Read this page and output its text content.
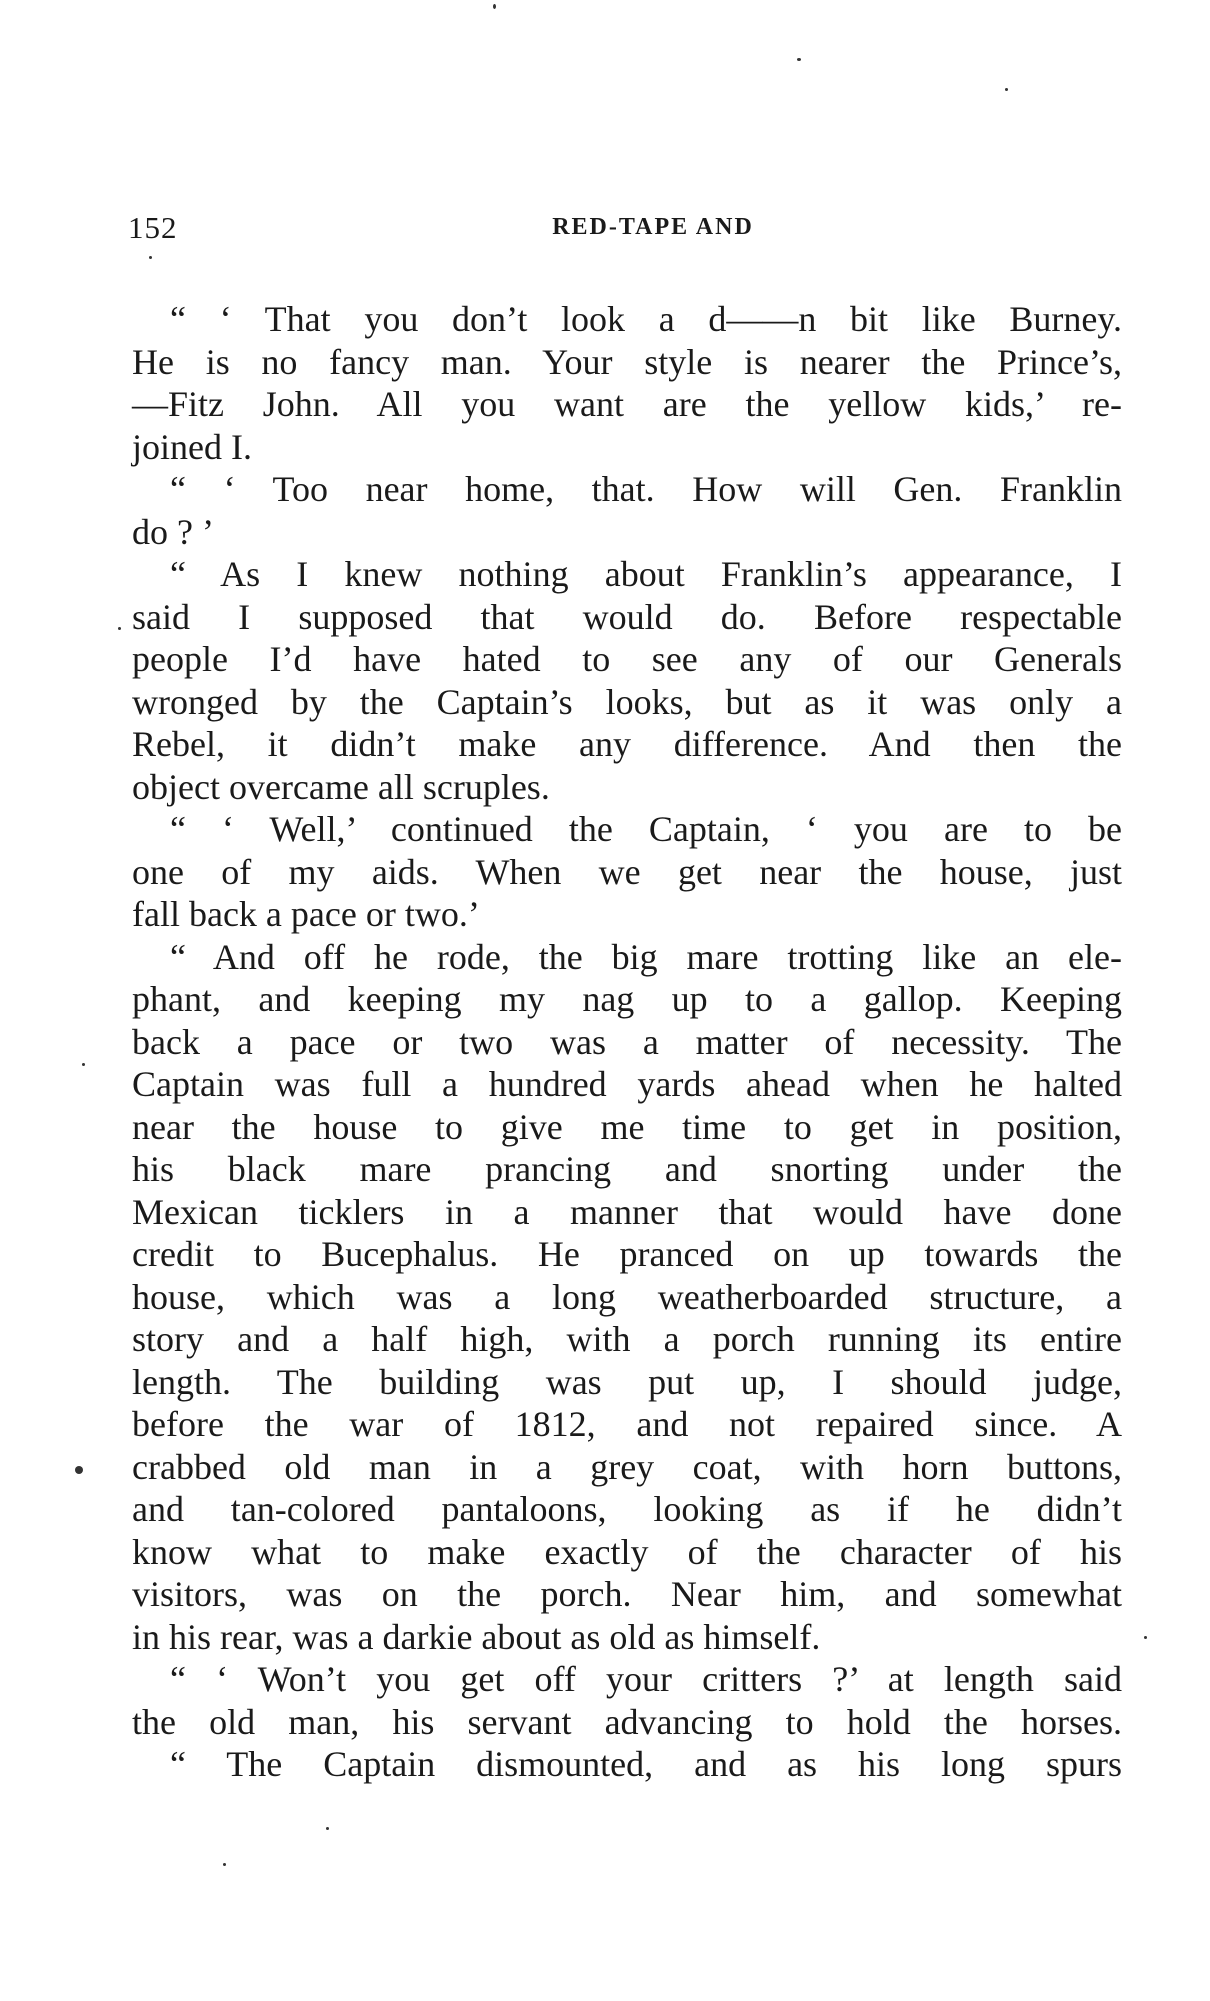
152	RED-TAPE AND
“ ‘ That you don’t look a d——n bit like Burney.
He is no fancy man. Your style is nearer the Prince’s,
—Fitz John. All you want are the yellow kids,’ re-
joined I.
“ ‘ Too near home, that. How will Gen. Franklin
do ? ’
“ As I knew nothing about Franklin’s appearance, I
said I supposed that would do. Before respectable
people I’d have hated to see any of our Generals
wronged by the Captain’s looks, but as it was only a
Rebel, it didn’t make any difference. And then the
object overcame all scruples.
“ ‘ Well,’ continued the Captain, ‘ you are to be
one of my aids. When we get near the house, just
fall back a pace or two.’
“ And off he rode, the big mare trotting like an ele-
phant, and keeping my nag up to a gallop. Keeping
back a pace or two was a matter of necessity. The
Captain was full a hundred yards ahead when he halted
near the house to give me time to get in position,
his black mare prancing and snorting under the
Mexican ticklers in a manner that would have done
credit to Bucephalus. He pranced on up towards the
house, which was a long weatherboarded structure, a
story and a half high, with a porch running its entire
length. The building was put up, I should judge,
before the war of 1812, and not repaired since. A
crabbed old man in a grey coat, with horn buttons,
and tan-colored pantaloons, looking as if he didn’t
know what to make exactly of the character of his
visitors, was on the porch. Near him, and somewhat
in his rear, was a darkie about as old as himself.
“ ‘ Won’t you get off your critters ?’ at length said
the old man, his servant advancing to hold the horses.
“ The Captain dismounted, and as his long spurs
